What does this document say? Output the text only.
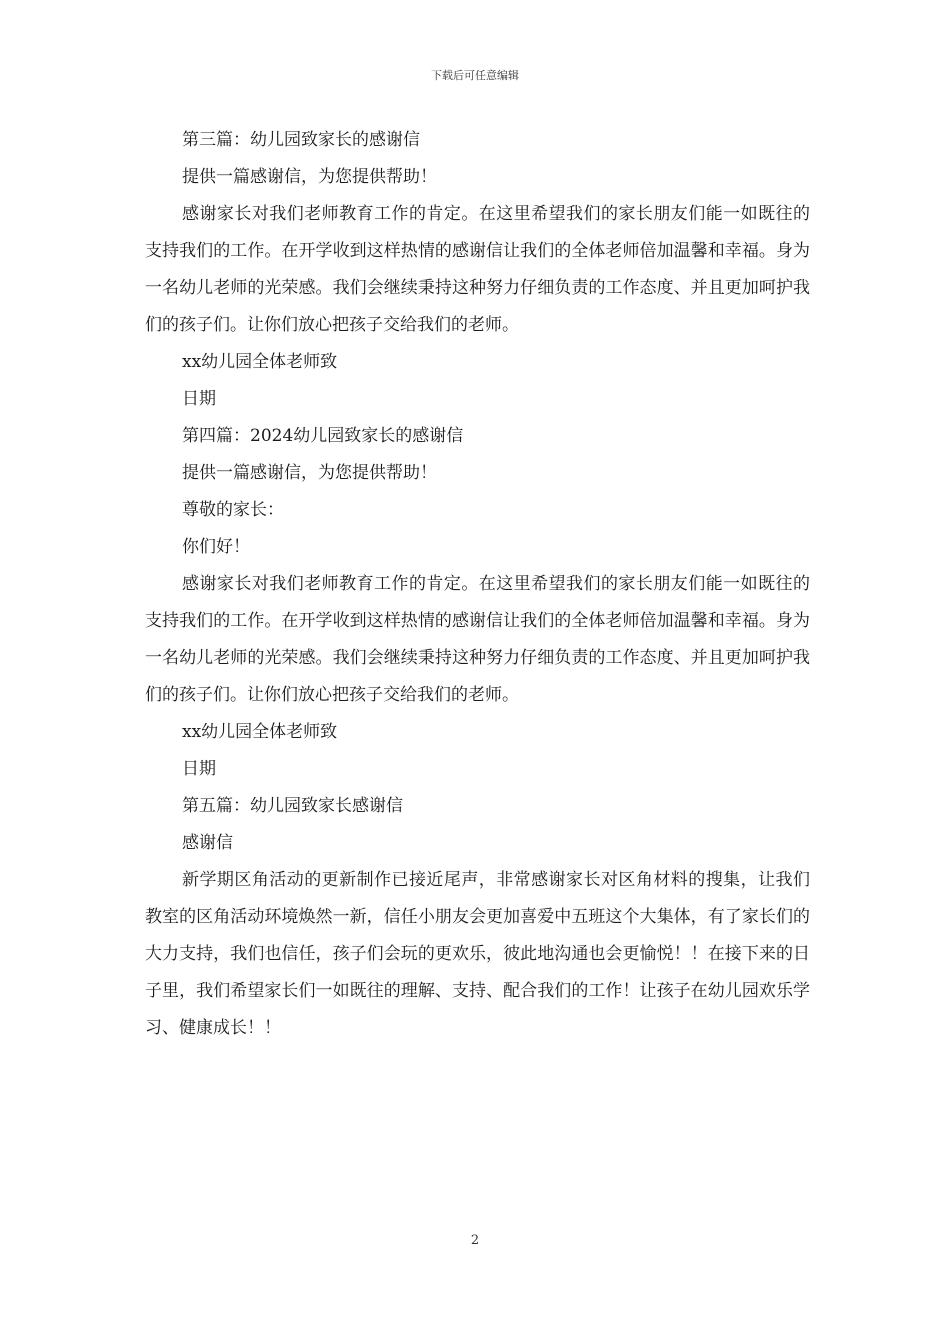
下载后可任意编辑
第三篇：幼儿园致家长的感谢信
提供一篇感谢信，为您提供帮助！

感谢家长对我们老师教育工作的肯定。在这里希望我们的家长朋友们能一如既往的支持我们的工作。在开学收到这样热情的感谢信让我们的全体老师倍加温馨和幸福。身为一名幼儿老师的光荣感。我们会继续秉持这种努力仔细负责的工作态度、并且更加呵护我们的孩子们。让你们放心把孩子交给我们的老师。

xx幼儿园全体老师致
日期
第四篇：2024幼儿园致家长的感谢信
提供一篇感谢信，为您提供帮助！
尊敬的家长：
你们好！

感谢家长对我们老师教育工作的肯定。在这里希望我们的家长朋友们能一如既往的支持我们的工作。在开学收到这样热情的感谢信让我们的全体老师倍加温馨和幸福。身为一名幼儿老师的光荣感。我们会继续秉持这种努力仔细负责的工作态度、并且更加呵护我们的孩子们。让你们放心把孩子交给我们的老师。

xx幼儿园全体老师致
日期
第五篇：幼儿园致家长感谢信
感谢信

新学期区角活动的更新制作已接近尾声，非常感谢家长对区角材料的搜集，让我们教室的区角活动环境焕然一新，信任小朋友会更加喜爱中五班这个大集体，有了家长们的大力支持，我们也信任，孩子们会玩的更欢乐，彼此地沟通也会更愉悦！！在接下来的日子里，我们希望家长们一如既往的理解、支持、配合我们的工作！让孩子在幼儿园欢乐学习、健康成长！！

2
